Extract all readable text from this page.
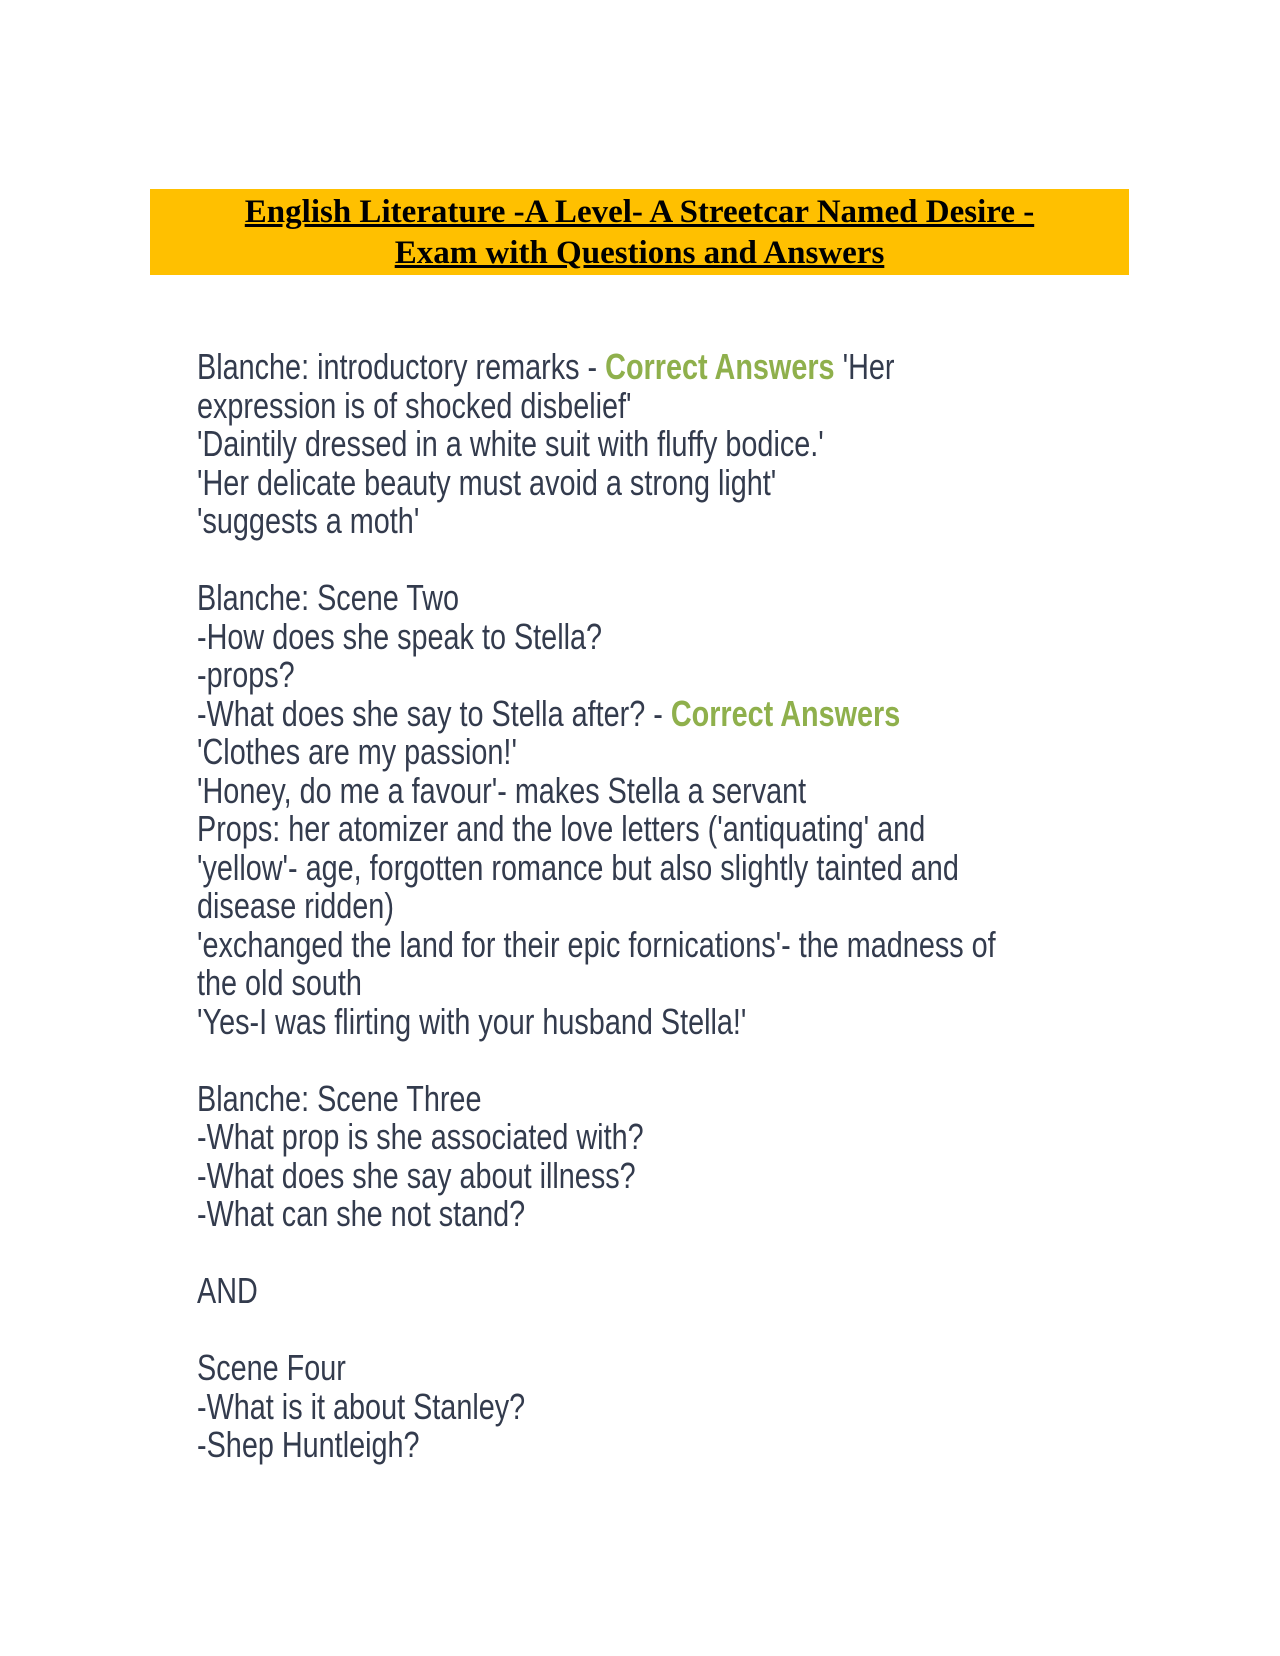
English Literature -A Level- A Streetcar Named Desire -
Exam with Questions and Answers
Blanche: introductory remarks - Correct Answers 'Her
expression is of shocked disbelief'
'Daintily dressed in a white suit with fluffy bodice.'
'Her delicate beauty must avoid a strong light'
'suggests a moth'

Blanche: Scene Two
-How does she speak to Stella?
-props?
-What does she say to Stella after? - Correct Answers
'Clothes are my passion!'
'Honey, do me a favour'- makes Stella a servant
Props: her atomizer and the love letters ('antiquating' and
'yellow'- age, forgotten romance but also slightly tainted and
disease ridden)
'exchanged the land for their epic fornications'- the madness of
the old south
'Yes-I was flirting with your husband Stella!'

Blanche: Scene Three
-What prop is she associated with?
-What does she say about illness?
-What can she not stand?

AND

Scene Four
-What is it about Stanley?
-Shep Huntleigh?
